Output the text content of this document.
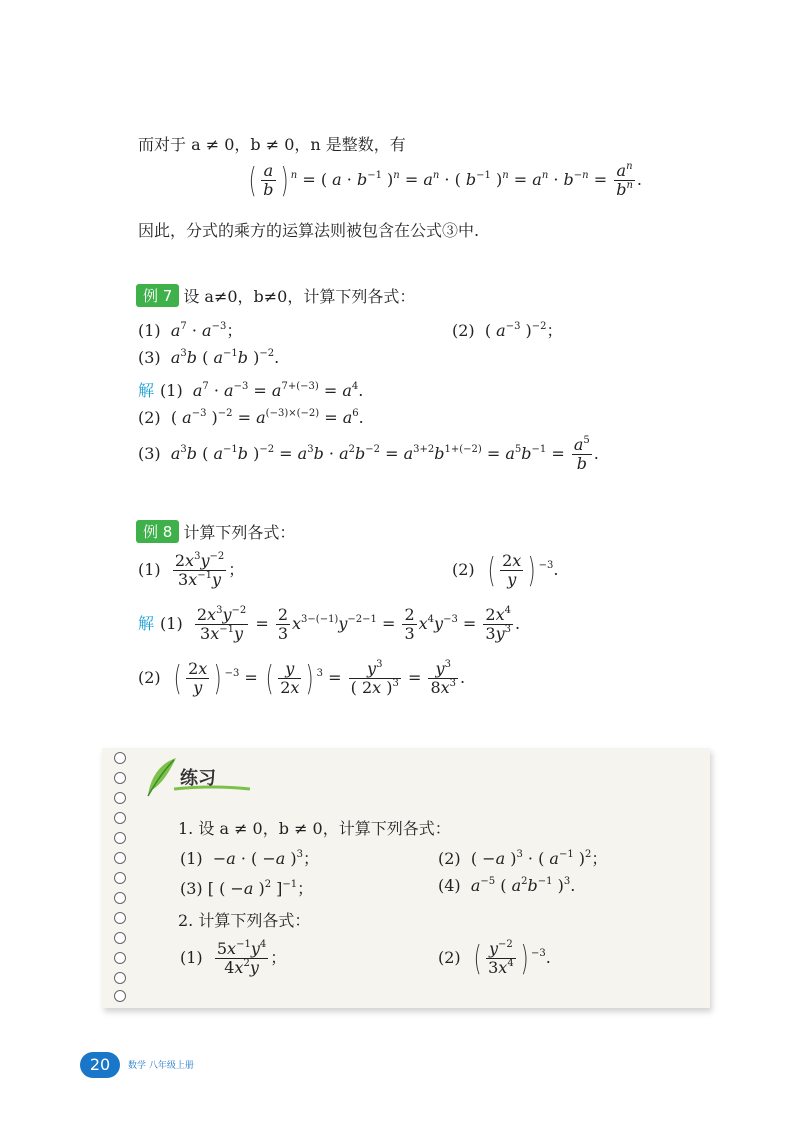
而对于 a ≠ 0，b ≠ 0，n 是整数，有
( $\frac{a}{b}$ ) $^n$ = ( $a \cdot b^{-1}$ )$^n = a^n$ · ( $b^{-1}$ )$^n = a^n \cdot b^{-n} = \frac{a^n}{b^n}$ .
因此，分式的乘方的运算法则被包含在公式③中.
例 7 设 a≠0，b≠0，计算下列各式：
(1)  $a^7 \cdot a^{-3}$；	(2)  ( $a^{-3}$ )$^{-2}$；
(3)  $a^3b$ ( $a^{-1}b$ )$^{-2}$.
解 (1)  $a^7 \cdot a^{-3} = a^{7+(-3)} = a^4$.
(2)  ( $a^{-3}$ )$^{-2} = a^{(-3)\times(-2)} = a^6$.
(3)  $a^3b$ ( $a^{-1}b$ )$^{-2} = a^3b \cdot a^2b^{-2} = a^{3+2}b^{1+(-2)} = a^5b^{-1} = \frac{a^5}{b}$ .
例 8 计算下列各式：
$(1) \frac{2x^3y^{-2}}{3x^{-1}y}$ ；	(2)  ( $\frac{2x}{y}$ ) $^{-3}$.
解 $(1) \frac{2x^3y^{-2}}{3x^{-1}y} = \frac{2}{3} x^{3-(-1)}y^{-2-1} = \frac{2}{3} x^4y^{-3} = \frac{2x^4}{3y^3}$ .
(2)  ( $\frac{2x}{y}$ ) $^{-3}$ = ( $\frac{y}{2x}$ ) $^3 = \frac{y^3}{( 2x )^3} = \frac{y^3}{8x^3}$ .
练习
1. 设 a ≠ 0，b ≠ 0，计算下列各式：
(1)  −a · ( −a )$^3$；	(2)  ( −a )$^3$ · ( $a^{-1}$ )$^2$；
(3) [ ( −a )$^2$ ]$^{-1}$；	(4)  $a^{-5}$ ( $a^2b^{-1}$ )$^3$.
2. 计算下列各式：
$(1) \frac{5x^{-1}y^4}{4x^2y}$ ；	(2)  ( $\frac{y^{-2}}{3x^4}$ ) $^{-3}$.
20	数学 八年级上册
